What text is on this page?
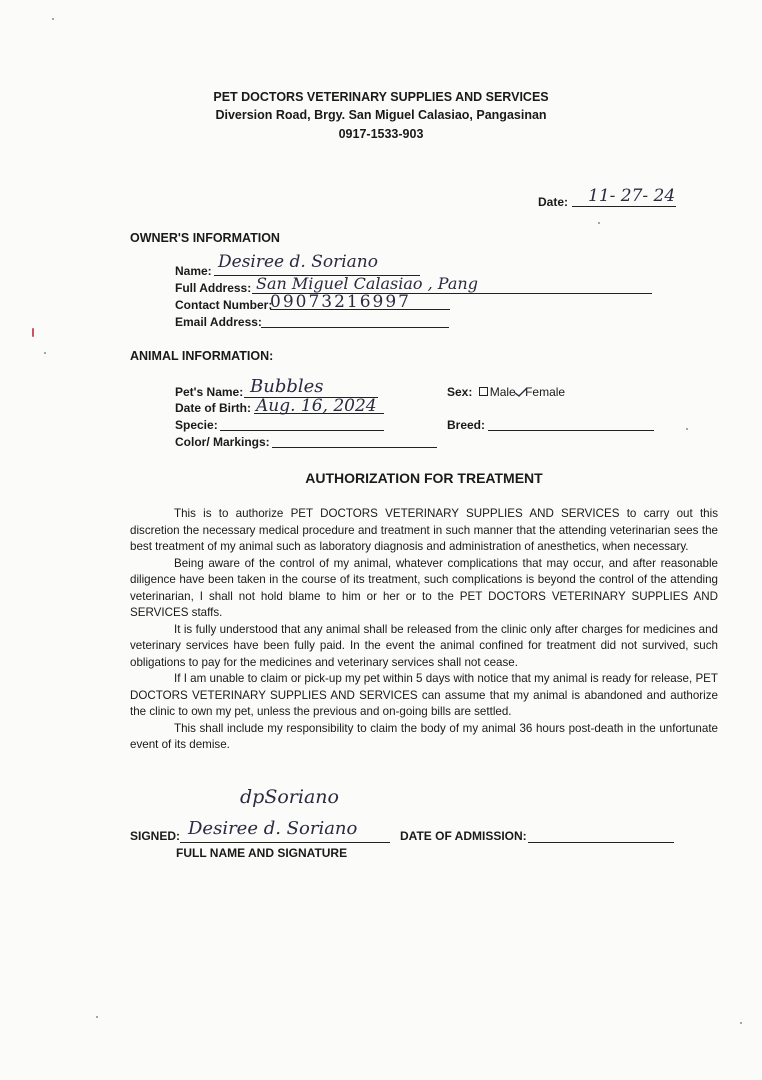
PET DOCTORS VETERINARY SUPPLIES AND SERVICES
Diversion Road, Brgy. San Miguel Calasiao, Pangasinan
0917-1533-903
Date: 11- 27- 24
OWNER'S INFORMATION
Name: Desiree d. Soriano
Full Address: San Miguel Calasiao , Pang
Contact Number:
09073216997
Email Address:
ANIMAL INFORMATION:
Pet's Name: Bubbles
Date of Birth: Aug. 16, 2024
Specie:
Color/ Markings:
Sex: Male Female
Breed:
AUTHORIZATION FOR TREATMENT

This is to authorize PET DOCTORS VETERINARY SUPPLIES AND SERVICES to carry out this discretion the necessary medical procedure and treatment in such manner that the attending veterinarian sees the best treatment of my animal such as laboratory diagnosis and administration of anesthetics, when necessary.

Being aware of the control of my animal, whatever complications that may occur, and after reasonable diligence have been taken in the course of its treatment, such complications is beyond the control of the attending veterinarian, I shall not hold blame to him or her or to the PET DOCTORS VETERINARY SUPPLIES AND SERVICES staffs.

It is fully understood that any animal shall be released from the clinic only after charges for medicines and veterinary services have been fully paid. In the event the animal confined for treatment did not survived, such obligations to pay for the medicines and veterinary services shall not cease.

If I am unable to claim or pick-up my pet within 5 days with notice that my animal is ready for release, PET DOCTORS VETERINARY SUPPLIES AND SERVICES can assume that my animal is abandoned and authorize the clinic to own my pet, unless the previous and on-going bills are settled.

This shall include my responsibility to claim the body of my animal 36 hours post-death in the unfortunate event of its demise.

dpSoriano
SIGNED: Desiree d. Soriano
FULL NAME AND SIGNATURE
DATE OF ADMISSION:
